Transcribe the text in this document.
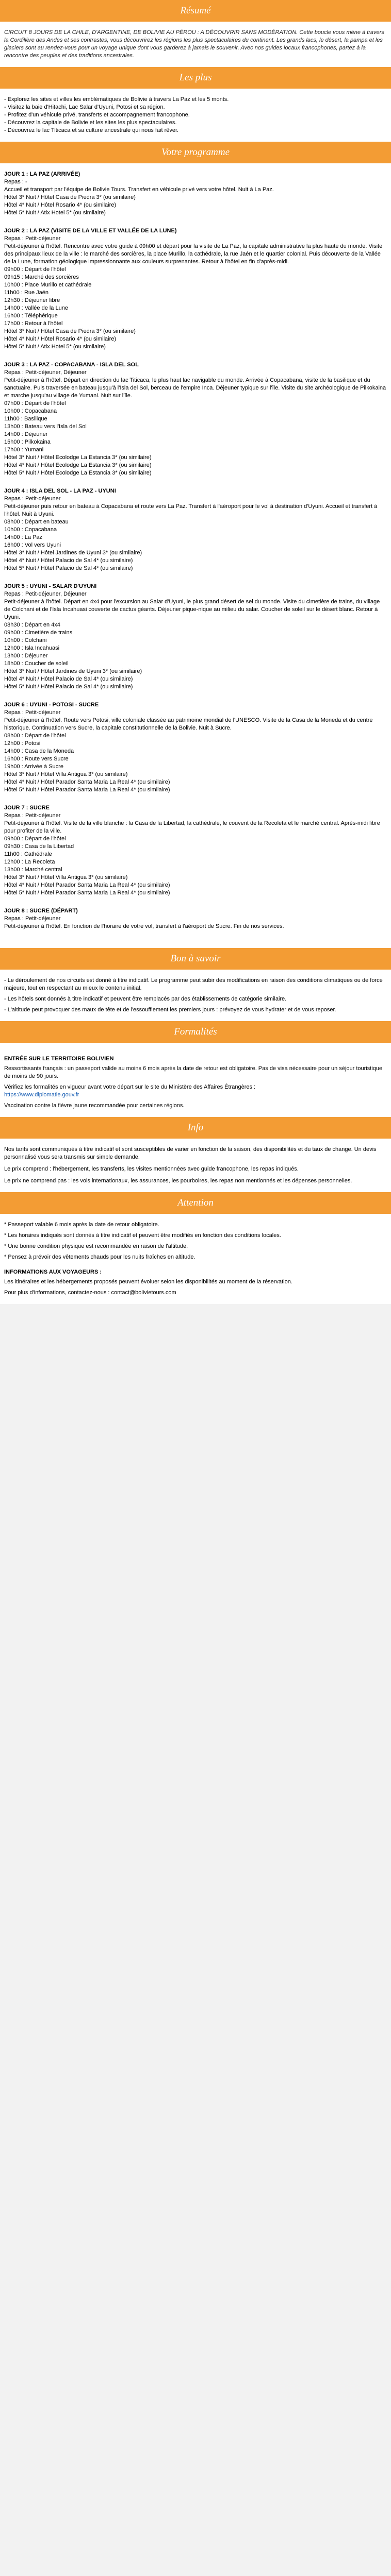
Résumé

CIRCUIT 8 JOURS DE LA CHILE, D'ARGENTINE, DE BOLIVIE AU PÉROU : A DÉCOUVRIR SANS MODÉRATION. Cette boucle vous mène à travers la Cordillère des Andes et ses contrastes, vous découvrirez les régions les plus spectaculaires du continent. Les grands lacs, le désert, la pampa et les glaciers sont au rendez-vous pour un voyage unique dont vous garderez à jamais le souvenir. Avec nos guides locaux francophones, partez à la rencontre des peuples et des traditions ancestrales.

Les plus

- Explorez les sites et villes les emblématiques de Bolivie à travers La Paz et les 5 monts.

- Visitez la baie d'Hitachi, Lac Salar d'Uyuni, Potosi et sa région.

- Profitez d'un véhicule privé, transferts et accompagnement francophone.

- Découvrez la capitale de Bolivie et les sites les plus spectaculaires.

- Découvrez le lac Titicaca et sa culture ancestrale qui nous fait rêver.

Votre programme

JOUR 1 : LA PAZ (ARRIVÉE)

Repas : -

Accueil et transport par l'équipe de Bolivie Tours. Transfert en véhicule privé vers votre hôtel. Nuit à La Paz.

Hôtel 3* Nuit / Hôtel Casa de Piedra 3* (ou similaire)

Hôtel 4* Nuit / Hôtel Rosario 4* (ou similaire)

Hôtel 5* Nuit / Atix Hotel 5* (ou similaire)

JOUR 2 : LA PAZ (VISITE DE LA VILLE ET VALLÉE DE LA LUNE)

Repas : Petit-déjeuner

Petit-déjeuner à l'hôtel. Rencontre avec votre guide à 09h00 et départ pour la visite de La Paz, la capitale administrative la plus haute du monde. Visite des principaux lieux de la ville : le marché des sorcières, la place Murillo, la cathédrale, la rue Jaén et le quartier colonial. Puis découverte de la Vallée de la Lune, formation géologique impressionnante aux couleurs surprenantes. Retour à l'hôtel en fin d'après-midi.

09h00 : Départ de l'hôtel

09h15 : Marché des sorcières

10h00 : Place Murillo et cathédrale

11h00 : Rue Jaén

12h30 : Déjeuner libre

14h00 : Vallée de la Lune

16h00 : Téléphérique

17h00 : Retour à l'hôtel

Hôtel 3* Nuit / Hôtel Casa de Piedra 3* (ou similaire)

Hôtel 4* Nuit / Hôtel Rosario 4* (ou similaire)

Hôtel 5* Nuit / Atix Hotel 5* (ou similaire)

JOUR 3 : LA PAZ - COPACABANA - ISLA DEL SOL

Repas : Petit-déjeuner, Déjeuner

Petit-déjeuner à l'hôtel. Départ en direction du lac Titicaca, le plus haut lac navigable du monde. Arrivée à Copacabana, visite de la basilique et du sanctuaire. Puis traversée en bateau jusqu'à l'Isla del Sol, berceau de l'empire Inca. Déjeuner typique sur l'île. Visite du site archéologique de Pilkokaina et marche jusqu'au village de Yumani. Nuit sur l'île.

07h00 : Départ de l'hôtel

10h00 : Copacabana

11h00 : Basilique

13h00 : Bateau vers l'Isla del Sol

14h00 : Déjeuner

15h00 : Pilkokaina

17h00 : Yumani

Hôtel 3* Nuit / Hôtel Ecolodge La Estancia 3* (ou similaire)

Hôtel 4* Nuit / Hôtel Ecolodge La Estancia 3* (ou similaire)

Hôtel 5* Nuit / Hôtel Ecolodge La Estancia 3* (ou similaire)

JOUR 4 : ISLA DEL SOL - LA PAZ - UYUNI

Repas : Petit-déjeuner

Petit-déjeuner puis retour en bateau à Copacabana et route vers La Paz. Transfert à l'aéroport pour le vol à destination d'Uyuni. Accueil et transfert à l'hôtel. Nuit à Uyuni.

08h00 : Départ en bateau

10h00 : Copacabana

14h00 : La Paz

16h00 : Vol vers Uyuni

Hôtel 3* Nuit / Hôtel Jardines de Uyuni 3* (ou similaire)

Hôtel 4* Nuit / Hôtel Palacio de Sal 4* (ou similaire)

Hôtel 5* Nuit / Hôtel Palacio de Sal 4* (ou similaire)

JOUR 5 : UYUNI - SALAR D'UYUNI

Repas : Petit-déjeuner, Déjeuner

Petit-déjeuner à l'hôtel. Départ en 4x4 pour l'excursion au Salar d'Uyuni, le plus grand désert de sel du monde. Visite du cimetière de trains, du village de Colchani et de l'Isla Incahuasi couverte de cactus géants. Déjeuner pique-nique au milieu du salar. Coucher de soleil sur le désert blanc. Retour à Uyuni.

08h30 : Départ en 4x4

09h00 : Cimetière de trains

10h00 : Colchani

12h00 : Isla Incahuasi

13h00 : Déjeuner

18h00 : Coucher de soleil

Hôtel 3* Nuit / Hôtel Jardines de Uyuni 3* (ou similaire)

Hôtel 4* Nuit / Hôtel Palacio de Sal 4* (ou similaire)

Hôtel 5* Nuit / Hôtel Palacio de Sal 4* (ou similaire)

JOUR 6 : UYUNI - POTOSI - SUCRE

Repas : Petit-déjeuner

Petit-déjeuner à l'hôtel. Route vers Potosi, ville coloniale classée au patrimoine mondial de l'UNESCO. Visite de la Casa de la Moneda et du centre historique. Continuation vers Sucre, la capitale constitutionnelle de la Bolivie. Nuit à Sucre.

08h00 : Départ de l'hôtel

12h00 : Potosi

14h00 : Casa de la Moneda

16h00 : Route vers Sucre

19h00 : Arrivée à Sucre

Hôtel 3* Nuit / Hôtel Villa Antigua 3* (ou similaire)

Hôtel 4* Nuit / Hôtel Parador Santa Maria La Real 4* (ou similaire)

Hôtel 5* Nuit / Hôtel Parador Santa Maria La Real 4* (ou similaire)

JOUR 7 : SUCRE

Repas : Petit-déjeuner

Petit-déjeuner à l'hôtel. Visite de la ville blanche : la Casa de la Libertad, la cathédrale, le couvent de la Recoleta et le marché central. Après-midi libre pour profiter de la ville.

09h00 : Départ de l'hôtel

09h30 : Casa de la Libertad

11h00 : Cathédrale

12h00 : La Recoleta

13h00 : Marché central

Hôtel 3* Nuit / Hôtel Villa Antigua 3* (ou similaire)

Hôtel 4* Nuit / Hôtel Parador Santa Maria La Real 4* (ou similaire)

Hôtel 5* Nuit / Hôtel Parador Santa Maria La Real 4* (ou similaire)

JOUR 8 : SUCRE (DÉPART)

Repas : Petit-déjeuner

Petit-déjeuner à l'hôtel. En fonction de l'horaire de votre vol, transfert à l'aéroport de Sucre. Fin de nos services.

Bon à savoir

- Le déroulement de nos circuits est donné à titre indicatif. Le programme peut subir des modifications en raison des conditions climatiques ou de force majeure, tout en respectant au mieux le contenu initial.

- Les hôtels sont donnés à titre indicatif et peuvent être remplacés par des établissements de catégorie similaire.

- L'altitude peut provoquer des maux de tête et de l'essoufflement les premiers jours : prévoyez de vous hydrater et de vous reposer.

Formalités

ENTRÉE SUR LE TERRITOIRE BOLIVIEN

Ressortissants français : un passeport valide au moins 6 mois après la date de retour est obligatoire. Pas de visa nécessaire pour un séjour touristique de moins de 90 jours.

Vérifiez les formalités en vigueur avant votre départ sur le site du Ministère des Affaires Étrangères :

https://www.diplomatie.gouv.fr

Vaccination contre la fièvre jaune recommandée pour certaines régions.

Info

Nos tarifs sont communiqués à titre indicatif et sont susceptibles de varier en fonction de la saison, des disponibilités et du taux de change. Un devis personnalisé vous sera transmis sur simple demande.

Le prix comprend : l'hébergement, les transferts, les visites mentionnées avec guide francophone, les repas indiqués.

Le prix ne comprend pas : les vols internationaux, les assurances, les pourboires, les repas non mentionnés et les dépenses personnelles.

Attention

* Passeport valable 6 mois après la date de retour obligatoire.

* Les horaires indiqués sont donnés à titre indicatif et peuvent être modifiés en fonction des conditions locales.

* Une bonne condition physique est recommandée en raison de l'altitude.

* Pensez à prévoir des vêtements chauds pour les nuits fraîches en altitude.

INFORMATIONS AUX VOYAGEURS :

Les itinéraires et les hébergements proposés peuvent évoluer selon les disponibilités au moment de la réservation.

Pour plus d'informations, contactez-nous : contact@bolivietours.com
